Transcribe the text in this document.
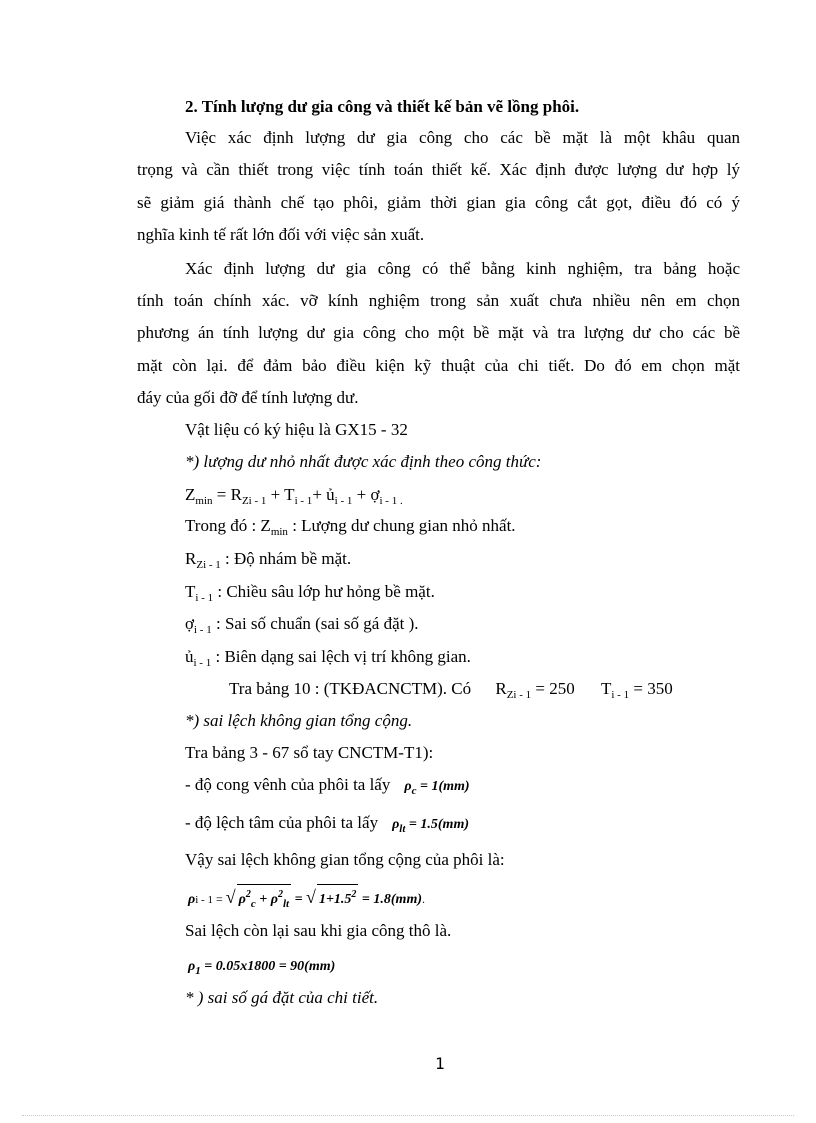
2. Tính lượng dư gia công và thiết kế bản vẽ lồng phôi.
Việc xác định lượng dư gia công cho các bề mặt là một khâu quan
trọng và cần thiết trong việc tính toán thiết kế. Xác định được lượng dư hợp lý
sẽ giảm giá thành chế tạo phôi, giảm thời gian gia công cắt gọt, điều đó có ý
nghĩa kinh tế rất lớn đối với việc sản xuất.
Xác định lượng dư gia công có thể bằng kinh nghiệm, tra bảng hoặc
tính toán chính xác. vỡ kính nghiệm trong sản xuất chưa nhiều nên em chọn
phương án tính lượng dư gia công cho một bề mặt và tra lượng dư cho các bề
mặt còn lại. để đảm bảo điều kiện kỹ thuật của chi tiết. Do đó em chọn mặt
đáy của gối đỡ để tính lượng dư.
Vật liệu có ký hiệu là GX15 - 32
*) lượng dư nhỏ nhất được xác định theo công thức:
$Z_{min} = R_{Zi - 1} + T_{i - 1}+$ ủ$_{i - 1}$ + ợ$_{i - 1 .}$
Trong đó : $Z_{min}$ : Lượng dư chung gian nhỏ nhất.
$R_{Zi - 1}$ : Độ nhám bề mặt.
$T_{i - 1}$ : Chiều sâu lớp hư hỏng bề mặt.
ợ$_{i - 1}$ : Sai số chuẩn (sai số gá đặt ).
ủ$_{i - 1}$ : Biên dạng sai lệch vị trí không gian.
Tra bảng 10 : (TKĐACNCTM). Có $R_{Zi - 1} = 250$ $T_{i - 1} = 350$
*) sai lệch không gian tổng cộng.
Tra bảng 3 - 67 sổ tay CNCTM-T1):
- độ cong vênh của phôi ta lấy $\rho_c = 1(mm)$
- độ lệch tâm của phôi ta lấy $\rho_{lt} = 1.5(mm)$
Vậy sai lệch không gian tổng cộng của phôi là:
ρi - 1 = √ $\rho^2_c + \rho^2_{lt}$ = √ $1+1.5^2 = 1.8(mm)$.
Sai lệch còn lại sau khi gia công thô là.
$\rho_1 = 0.05x1800 = 90(mm)$
* ) sai số gá đặt của chi tiết.
1
